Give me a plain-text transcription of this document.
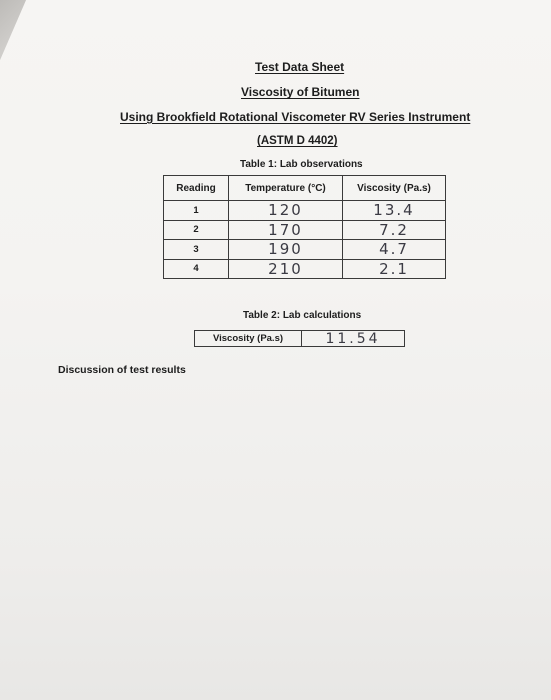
Test Data Sheet
Viscosity of Bitumen
Using Brookfield Rotational Viscometer RV Series Instrument
(ASTM D 4402)
Table 1: Lab observations
Reading	Temperature (°C)	Viscosity (Pa.s)
1	120	13.4
2	170	7.2
3	190	4.7
4	210	2.1
Table 2: Lab calculations
Viscosity (Pa.s)	11.54
Discussion of test results
